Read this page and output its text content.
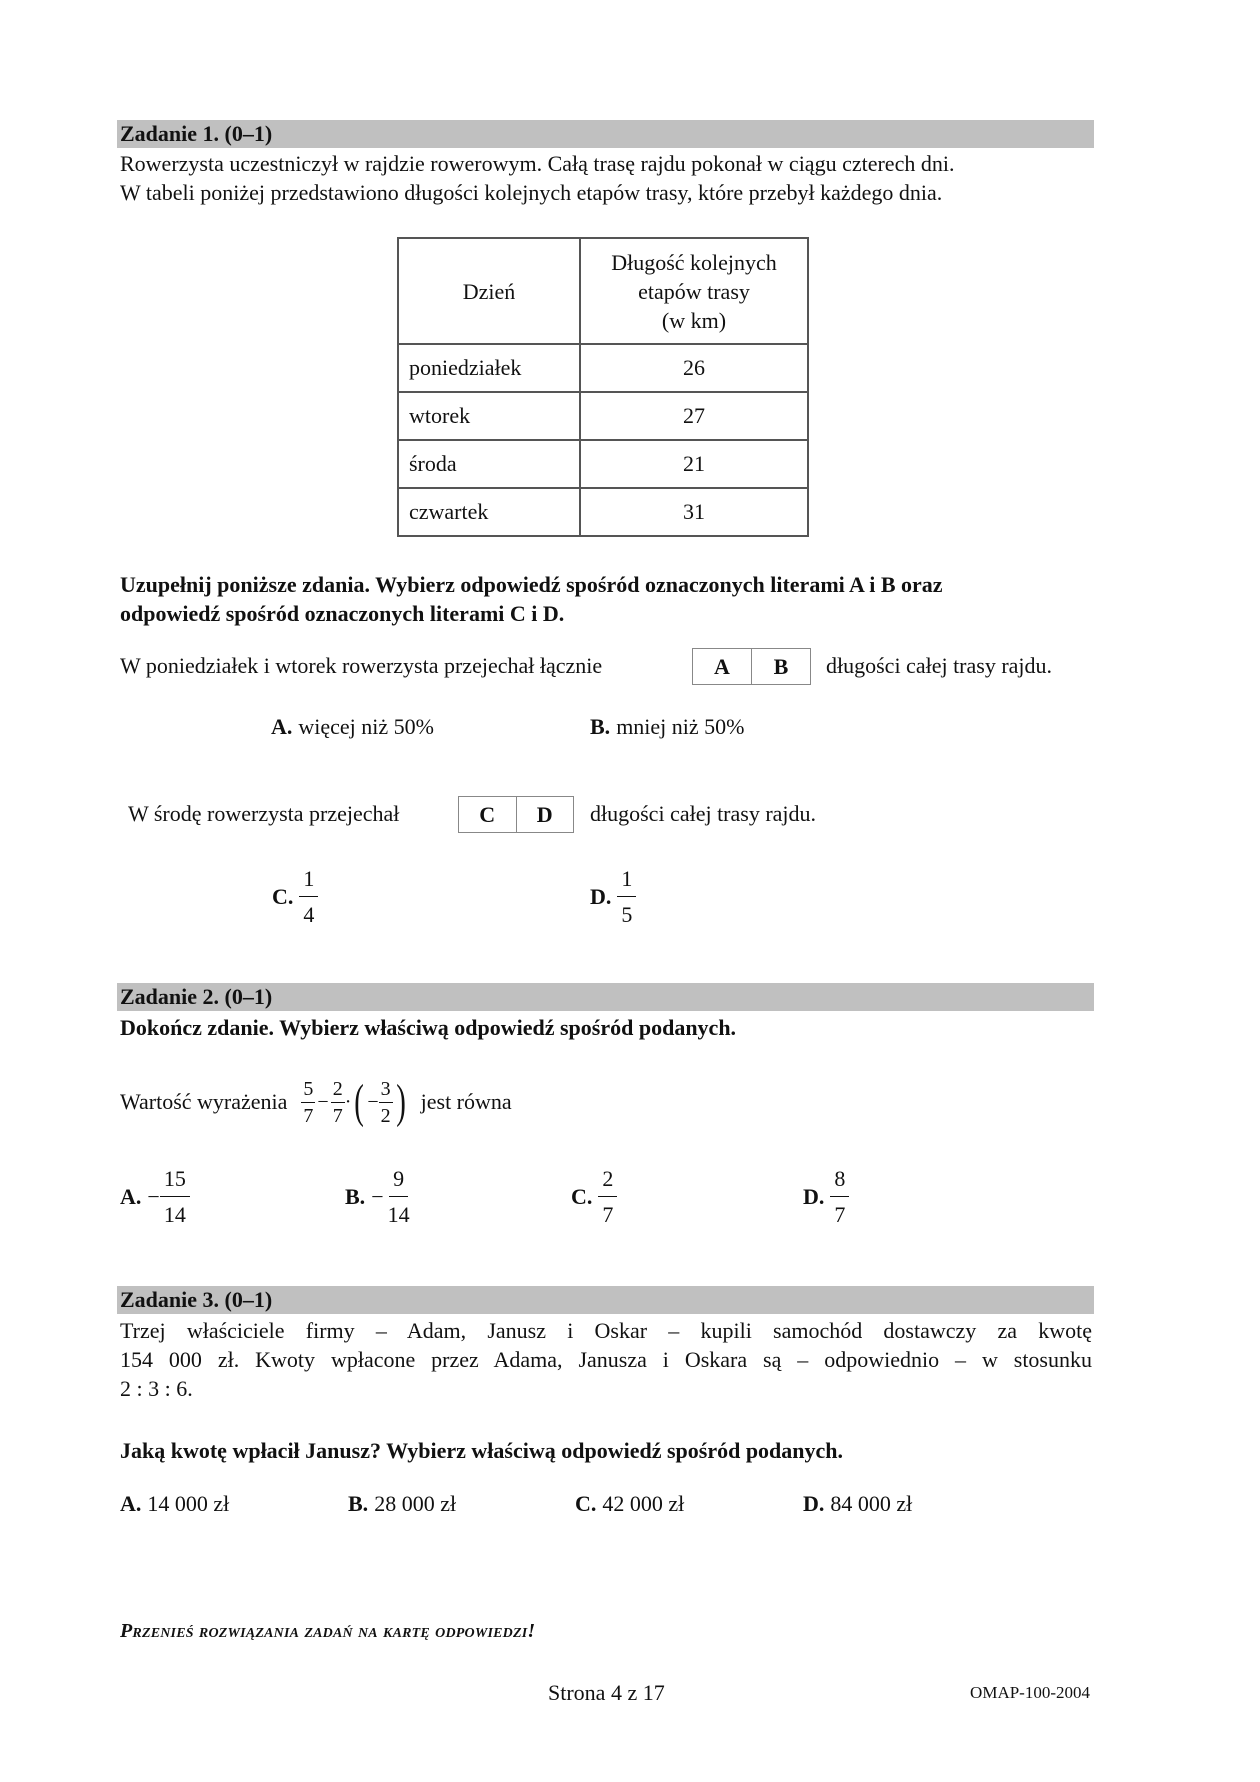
Zadanie 1. (0–1)
Rowerzysta uczestniczył w rajdzie rowerowym. Całą trasę rajdu pokonał w ciągu czterech dni.
W tabeli poniżej przedstawiono długości kolejnych etapów trasy, które przebył każdego dnia.
Dzień	Długość kolejnych
etapów trasy
(w km)

poniedziałek	26
wtorek	27
środa	21
czwartek	31
Uzupełnij poniższe zdania. Wybierz odpowiedź spośród oznaczonych literami A i B oraz
odpowiedź spośród oznaczonych literami C i D.
W poniedziałek i wtorek rowerzysta przejechał łącznie	A	B	długości całej trasy rajdu.
A. więcej niż 50%	B. mniej niż 50%
W środę rowerzysta przejechał	C	D	długości całej trasy rajdu.
C. $\frac{1}{4}$	D. $\frac{1}{5}$
Zadanie 2. (0–1)
Dokończ zdanie. Wybierz właściwą odpowiedź spośród podanych.
Wartość wyrażenia $\frac{5}{7} - \frac{2}{7}$ · ( − $\frac{3}{2}$ ) jest równa
A. − $\frac{15}{14}$	B. − $\frac{9}{14}$	C. $\frac{2}{7}$	D. $\frac{8}{7}$
Zadanie 3. (0–1)
Trzej właściciele firmy – Adam, Janusz i Oskar – kupili samochód dostawczy za kwotę
154 000 zł. Kwoty wpłacone przez Adama, Janusza i Oskara są – odpowiednio – w stosunku
2 : 3 : 6.
Jaką kwotę wpłacił Janusz? Wybierz właściwą odpowiedź spośród podanych.
A. 14 000 zł	B. 28 000 zł	C. 42 000 zł	D. 84 000 zł
Przenieś rozwiązania zadań na kartę odpowiedzi!
Strona 4 z 17	OMAP-100-2004
